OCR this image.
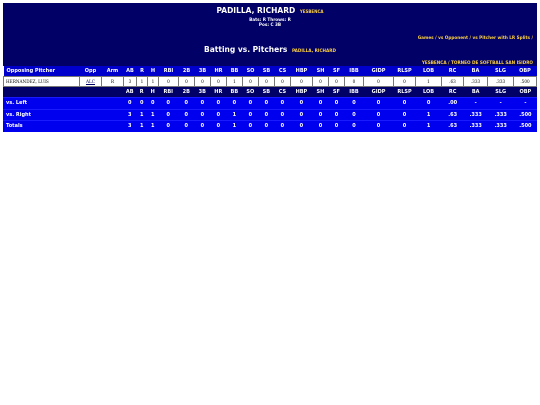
PADILLA, RICHARD YESBENCA
Bats: R Throws: R
Pos: C 3B
Games / vs Opponent / vs Pitcher with LR Splits /
Batting vs. Pitchers PADILLA, RICHARD
YESBENCA / TORNEO DE SOFTBALL SAN ISIDRO
Opposing Pitcher	Opp	Arm	AB	R	H	RBI	2B	3B	HR	BB	SO	SB	CS	HBP	SH	SF	IBB	GIDP	RLSP	LOB	RC	BA	SLG	OBP
HERNANDEZ, LUIS	ALC	R	3	1	1	0	0	0	0	1	0	0	0	0	0	0	0	0	0	1	.63	.333	.333	.500
			AB	R	H	RBI	2B	3B	HR	BB	SO	SB	CS	HBP	SH	SF	IBB	GIDP	RLSP	LOB	RC	BA	SLG	OBP
vs. Left			0	0	0	0	0	0	0	0	0	0	0	0	0	0	0	0	0	0	.00	-	-	-
vs. Right			3	1	1	0	0	0	0	1	0	0	0	0	0	0	0	0	0	1	.63	.333	.333	.500
Totals			3	1	1	0	0	0	0	1	0	0	0	0	0	0	0	0	0	1	.63	.333	.333	.500
